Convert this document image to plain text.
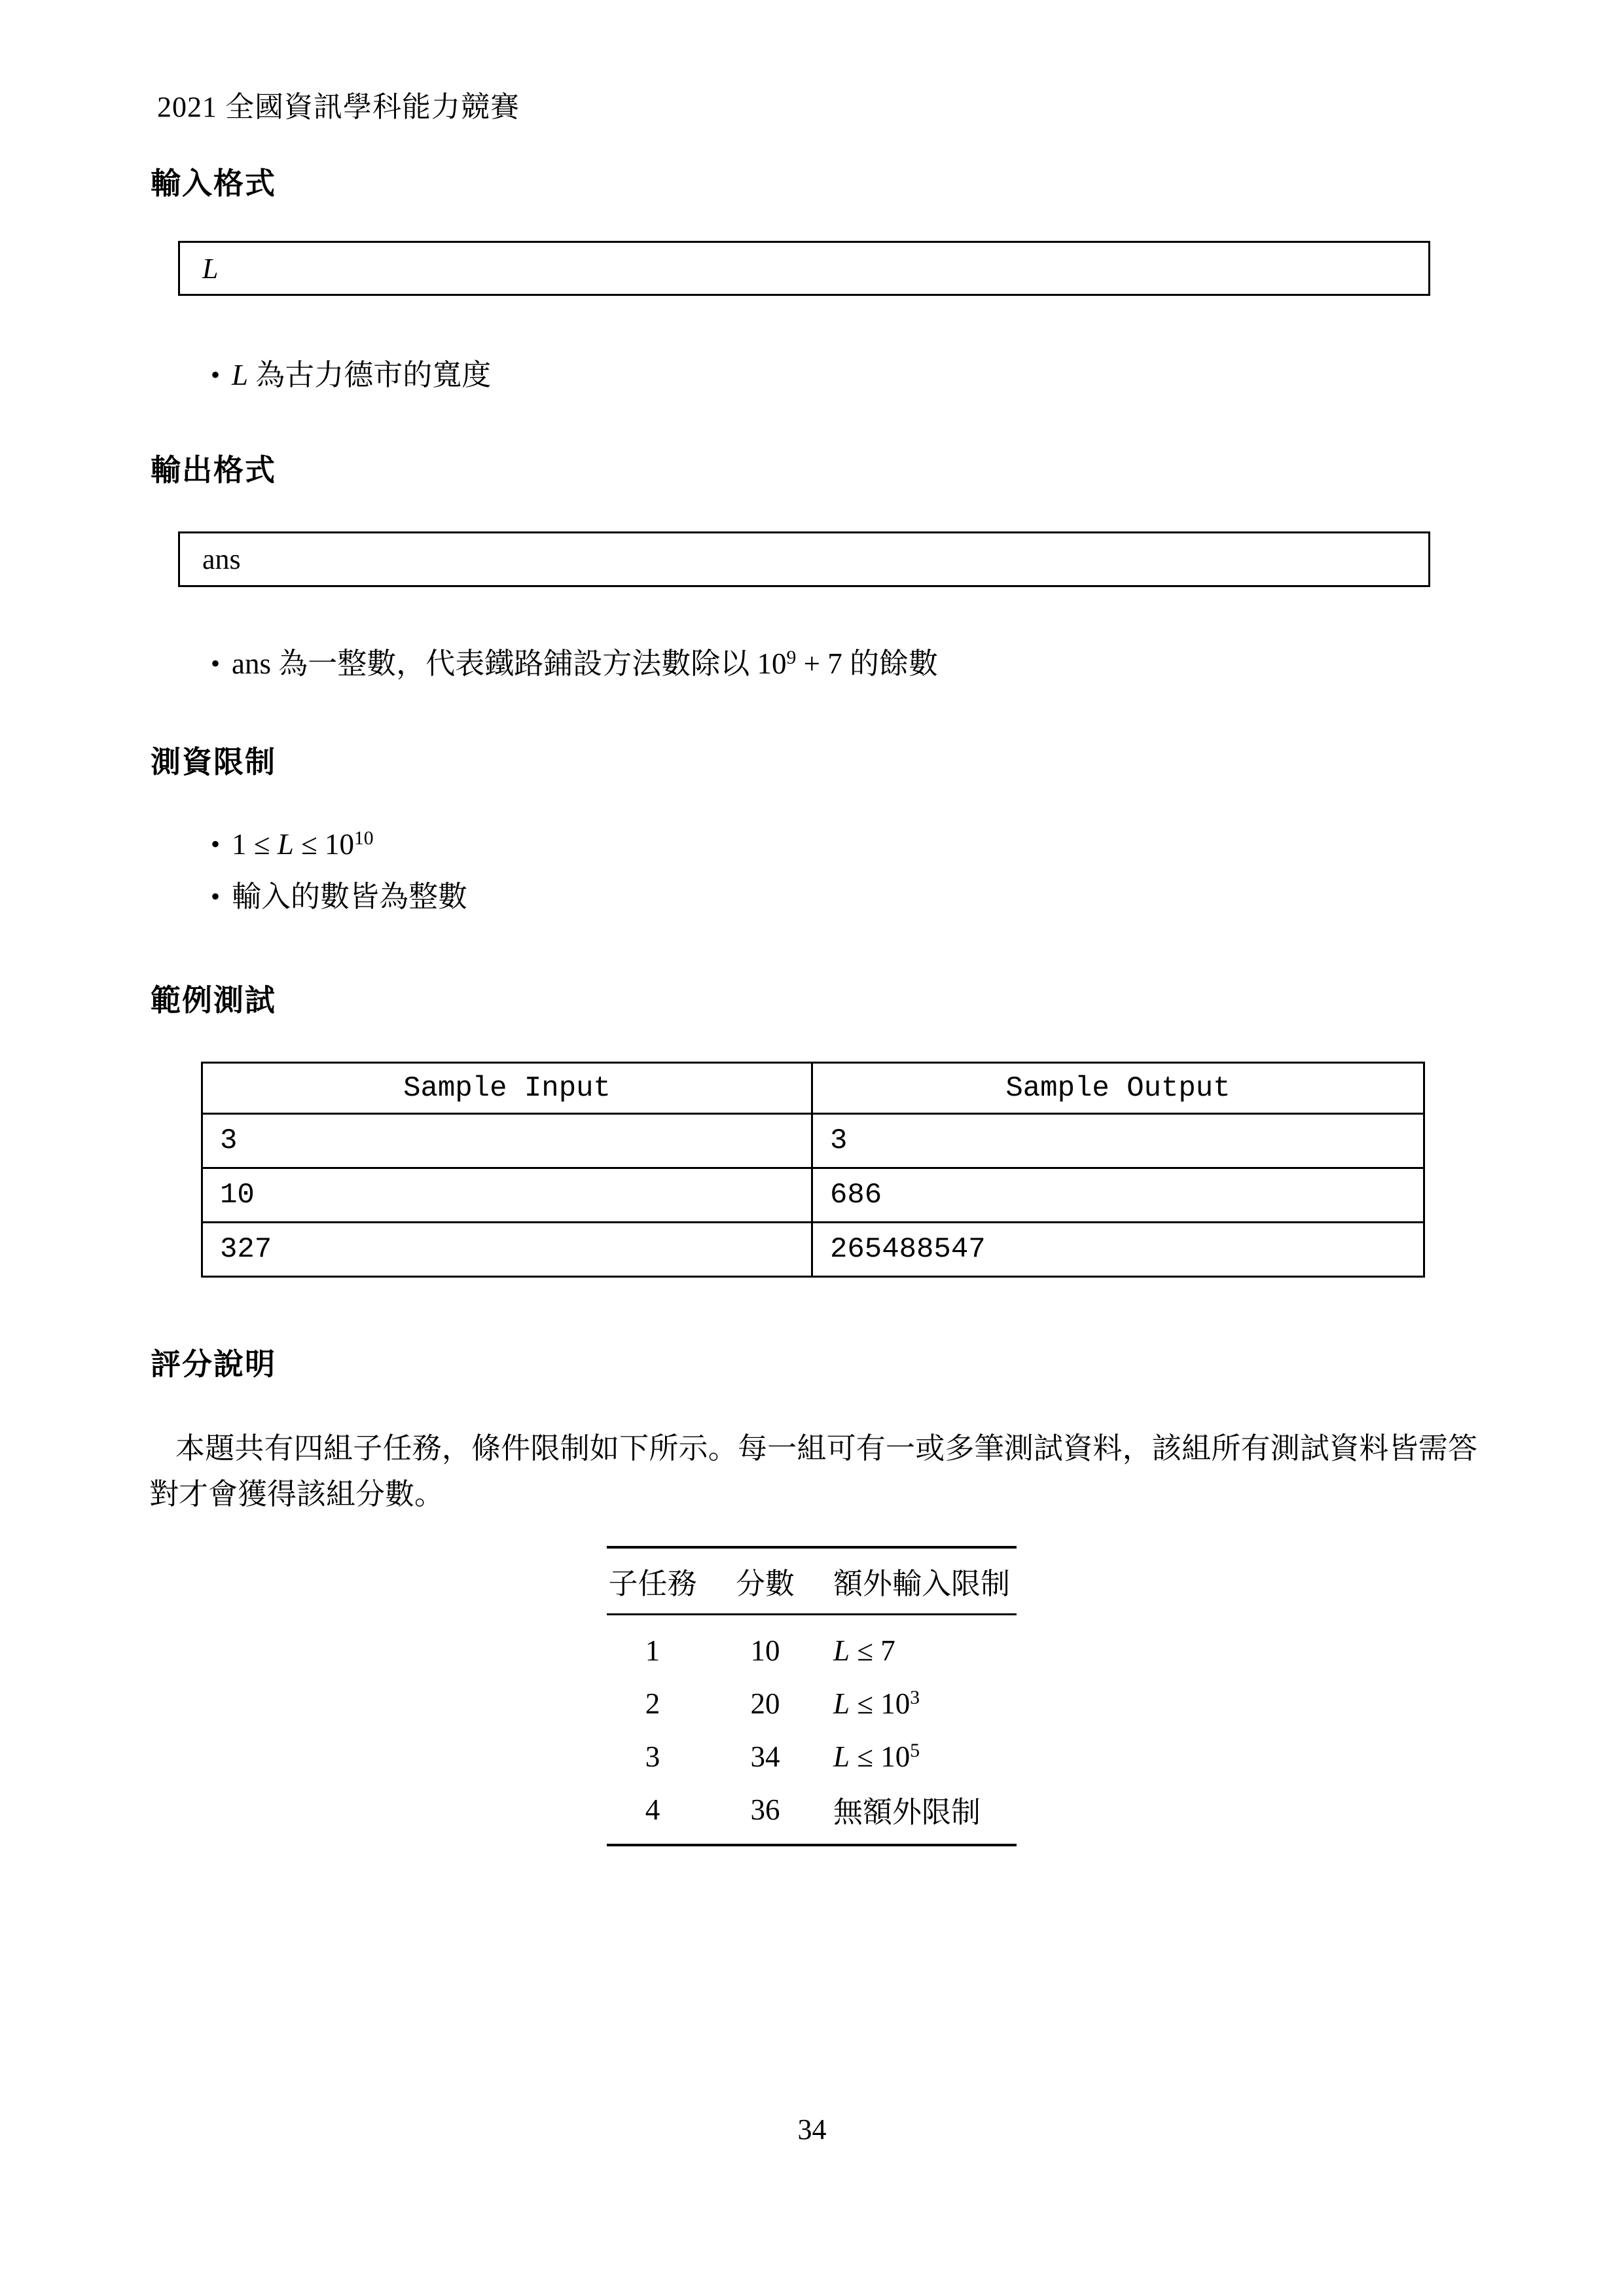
2021 全國資訊學科能力競賽
輸入格式
L
• L 為古力德市的寬度
輸出格式
ans
• ans 為一整數，代表鐵路鋪設方法數除以 $10^9 + 7$ 的餘數
測資限制
• $1 \le L \le 10^{10}$
• 輸入的數皆為整數
範例測試
Sample Input	Sample Output
3	3
10	686
327	265488547
評分說明
本題共有四組子任務，條件限制如下所示。每一組可有一或多筆測試資料，該組所有測試資料皆需答對才會獲得該組分數。
子任務 分數 額外輸入限制
1	10	L ≤ 7
2	20	$L \le 10^3$
3	34	$L \le 10^5$
4	36	無額外限制
34
